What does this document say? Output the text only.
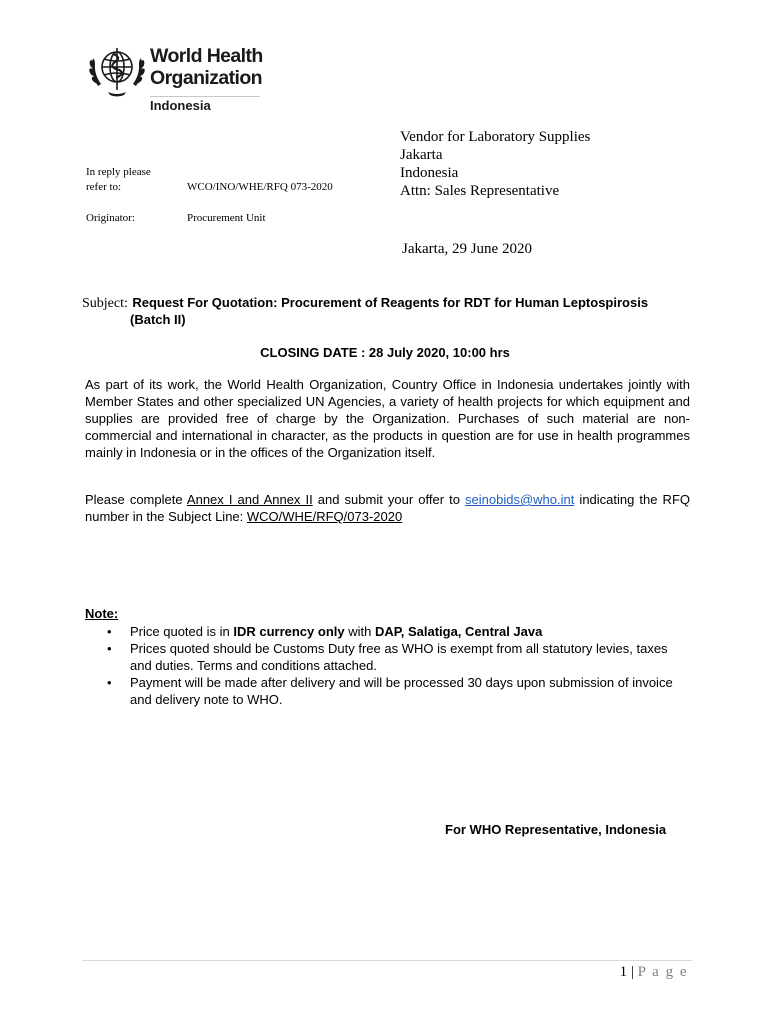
World Health
Organization
Indonesia
In reply please
refer to:	WCO/INO/WHE/RFQ 073-2020
Originator:	Procurement Unit
Vendor for Laboratory Supplies
Jakarta
Indonesia
Attn: Sales Representative
Jakarta, 29 June 2020
Subject: Request For Quotation: Procurement of Reagents for RDT for Human Leptospirosis
(Batch II)
CLOSING DATE : 28 July 2020, 10:00 hrs
As part of its work, the World Health Organization, Country Office in Indonesia undertakes jointly with Member States and other specialized UN Agencies, a variety of health projects for which equipment and supplies are provided free of charge by the Organization. Purchases of such material are non-commercial and international in character, as the products in question are for use in health programmes mainly in Indonesia or in the offices of the Organization itself.
Please complete Annex I and Annex II and submit your offer to seinobids@who.int indicating the RFQ number in the Subject Line: WCO/WHE/RFQ/073-2020
Note:
• Price quoted is in IDR currency only with DAP, Salatiga, Central Java
• Prices quoted should be Customs Duty free as WHO is exempt from all statutory levies, taxes and duties. Terms and conditions attached.
• Payment will be made after delivery and will be processed 30 days upon submission of invoice and delivery note to WHO.
For WHO Representative, Indonesia
1 | P a g e
